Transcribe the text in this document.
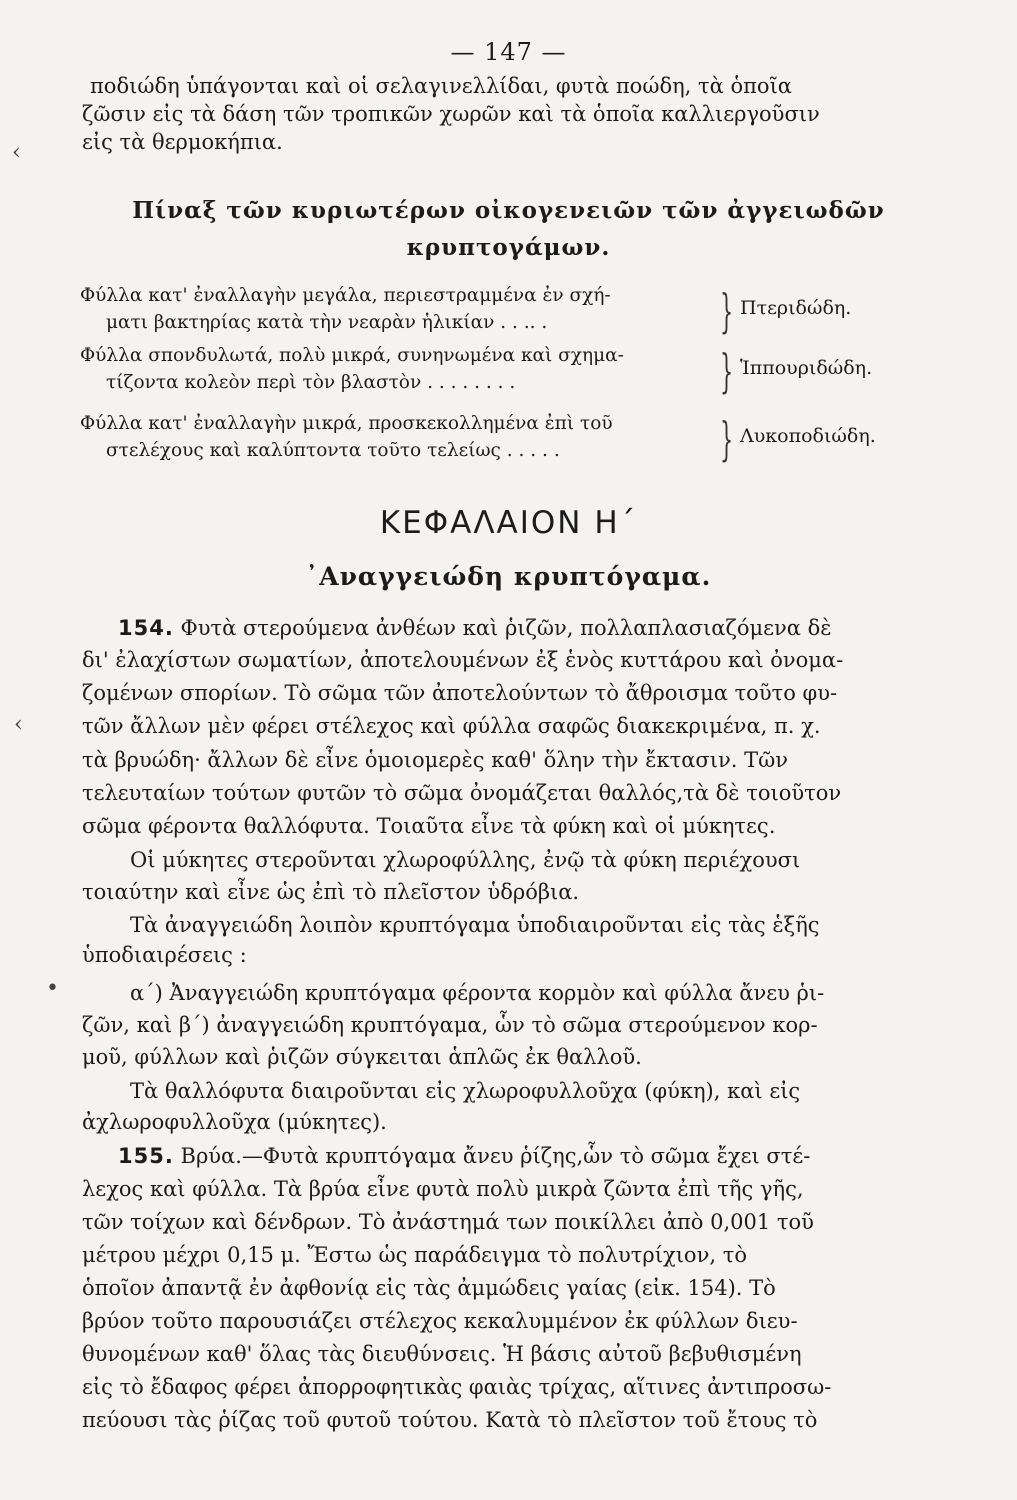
— 147 —
ποδιώδη ὑπάγονται καὶ οἱ σελαγινελλίδαι, φυτὰ ποώδη, τὰ ὁποῖα
ζῶσιν εἰς τὰ δάση τῶν τροπικῶν χωρῶν καὶ τὰ ὁποῖα καλλιεργοῦσιν
εἰς τὰ θερμοκήπια.
Πίναξ τῶν κυριωτέρων οἰκογενειῶν τῶν ἀγγειωδῶν
κρυπτογάμων.
Φύλλα κατ' ἐναλλαγὴν μεγάλα, περιεστραμμένα ἐν σχή-
ματι βακτηρίας κατὰ τὴν νεαρὰν ἡλικίαν . . .. .	} Πτεριδώδη.
Φύλλα σπονδυλωτά, πολὺ μικρά, συνηνωμένα καὶ σχημα-
τίζοντα κολεὸν περὶ τὸν βλαστὸν . . . . . . . .	} Ἱππουριδώδη.
Φύλλα κατ' ἐναλλαγὴν μικρά, προσκεκολλημένα ἐπὶ τοῦ
στελέχους καὶ καλύπτοντα τοῦτο τελείως . . . . .	} Λυκοποδιώδη.
ΚΕΦΑΛΑΙΟΝ Η΄
᾿Αναγγειώδη κρυπτόγαμα.
154. Φυτὰ στερούμενα ἀνθέων καὶ ῥιζῶν, πολλαπλασιαζόμενα δὲ
δι' ἐλαχίστων σωματίων, ἀποτελουμένων ἐξ ἑνὸς κυττάρου καὶ ὀνομα-
ζομένων σπορίων. Τὸ σῶμα τῶν ἀποτελούντων τὸ ἄθροισμα τοῦτο φυ-
τῶν ἄλλων μὲν φέρει στέλεχος καὶ φύλλα σαφῶς διακεκριμένα, π. χ.
τὰ βρυώδη· ἄλλων δὲ εἶνε ὁμοιομερὲς καθ' ὅλην τὴν ἔκτασιν. Τῶν
τελευταίων τούτων φυτῶν τὸ σῶμα ὀνομάζεται θαλλός,τὰ δὲ τοιοῦτον
σῶμα φέροντα θαλλόφυτα. Τοιαῦτα εἶνε τὰ φύκη καὶ οἱ μύκητες.
Οἱ μύκητες στεροῦνται χλωροφύλλης, ἐνῷ τὰ φύκη περιέχουσι
τοιαύτην καὶ εἶνε ὡς ἐπὶ τὸ πλεῖστον ὑδρόβια.
Τὰ ἀναγγειώδη λοιπὸν κρυπτόγαμα ὑποδιαιροῦνται εἰς τὰς ἑξῆς
ὑποδιαιρέσεις :
α΄) Ἀναγγειώδη κρυπτόγαμα φέροντα κορμὸν καὶ φύλλα ἄνευ ῥι-
ζῶν, καὶ β΄) ἀναγγειώδη κρυπτόγαμα, ὧν τὸ σῶμα στερούμενον κορ-
μοῦ, φύλλων καὶ ῥιζῶν σύγκειται ἁπλῶς ἐκ θαλλοῦ.
Τὰ θαλλόφυτα διαιροῦνται εἰς χλωροφυλλοῦχα (φύκη), καὶ εἰς
ἀχλωροφυλλοῦχα (μύκητες).
155. Βρύα.—Φυτὰ κρυπτόγαμα ἄνευ ῥίζης,ὧν τὸ σῶμα ἔχει στέ-
λεχος καὶ φύλλα. Τὰ βρύα εἶνε φυτὰ πολὺ μικρὰ ζῶντα ἐπὶ τῆς γῆς,
τῶν τοίχων καὶ δένδρων. Τὸ ἀνάστημά των ποικίλλει ἀπὸ 0,001 τοῦ
μέτρου μέχρι 0,15 μ. Ἔστω ὡς παράδειγμα τὸ πολυτρίχιον, τὸ
ὁποῖον ἀπαντᾷ ἐν ἀφθονίᾳ εἰς τὰς ἀμμώδεις γαίας (εἰκ. 154). Τὸ
βρύον τοῦτο παρουσιάζει στέλεχος κεκαλυμμένον ἐκ φύλλων διευ-
θυνομένων καθ' ὅλας τὰς διευθύνσεις. Ἡ βάσις αὐτοῦ βεβυθισμένη
εἰς τὸ ἔδαφος φέρει ἀπορροφητικὰς φαιὰς τρίχας, αἵτινες ἀντιπροσω-
πεύουσι τὰς ῥίζας τοῦ φυτοῦ τούτου. Κατὰ τὸ πλεῖστον τοῦ ἔτους τὸ
‹
‹
•
